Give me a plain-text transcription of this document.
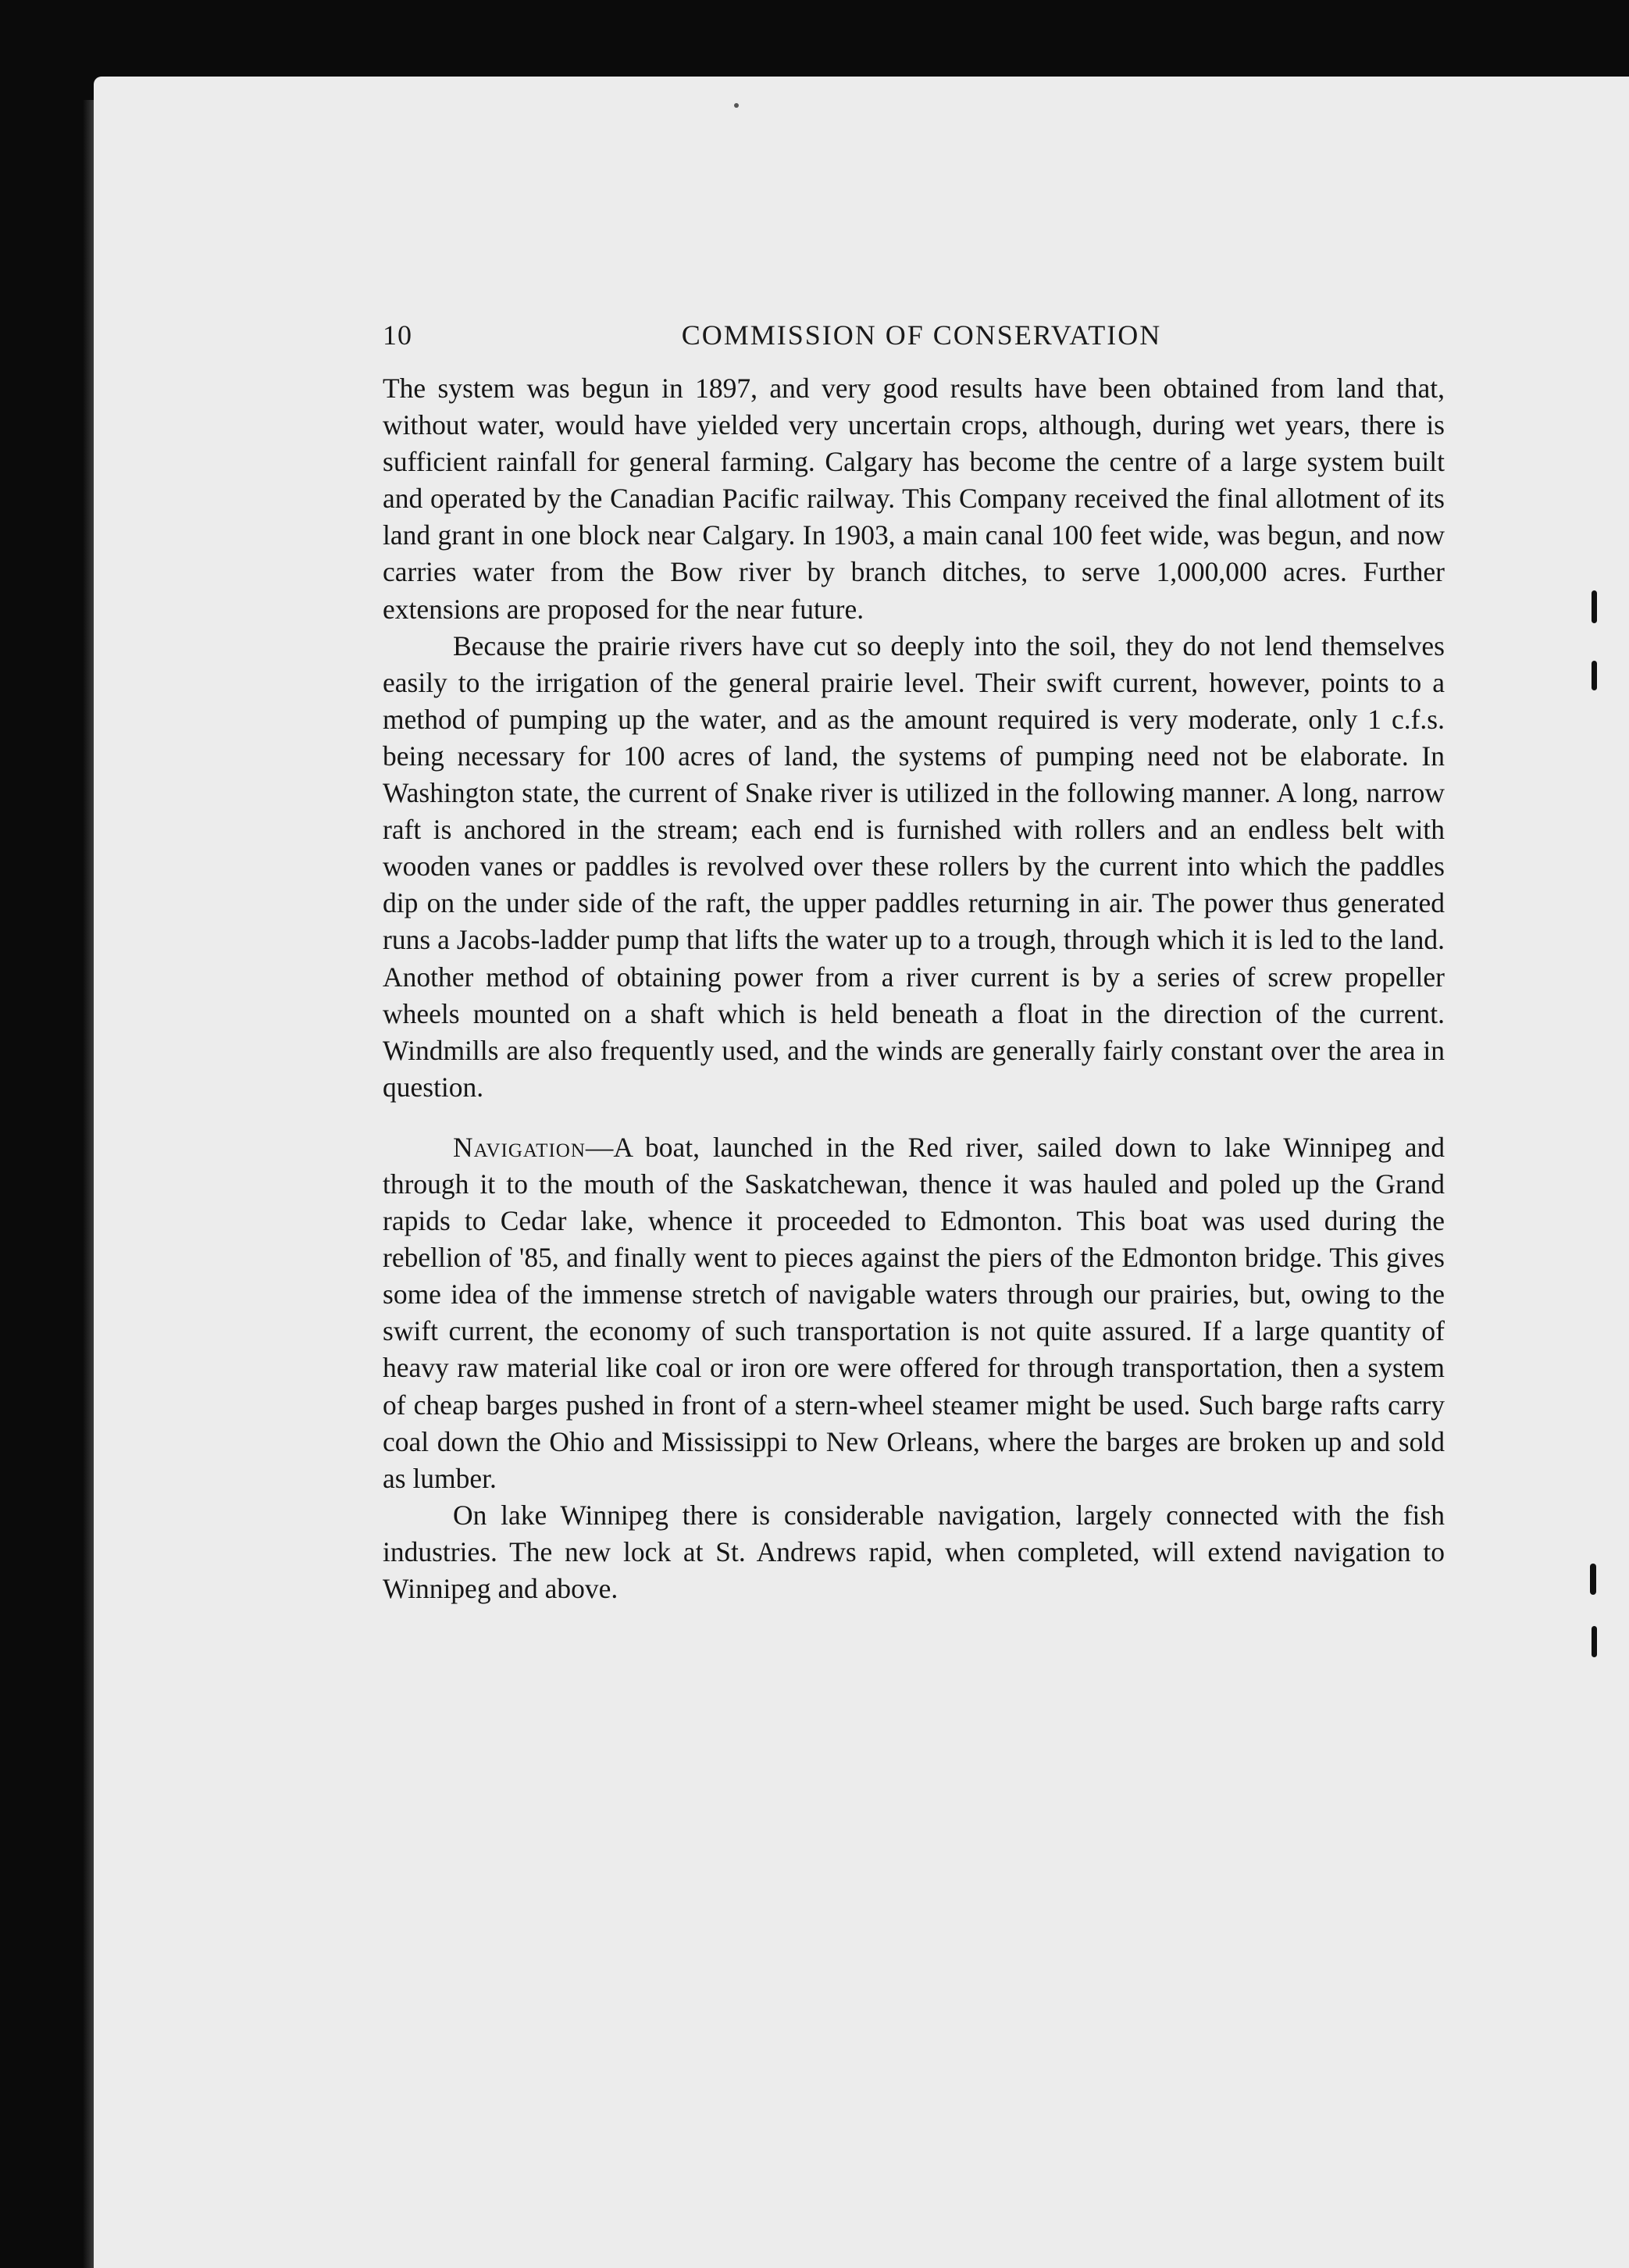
10	COMMISSION OF CONSERVATION

The system was begun in 1897, and very good results have been obtained from land that, without water, would have yielded very uncertain crops, although, during wet years, there is sufficient rainfall for general farming. Calgary has become the centre of a large system built and operated by the Canadian Pacific railway. This Company received the final allotment of its land grant in one block near Calgary. In 1903, a main canal 100 feet wide, was begun, and now carries water from the Bow river by branch ditches, to serve 1,000,000 acres. Further extensions are proposed for the near future.

Because the prairie rivers have cut so deeply into the soil, they do not lend themselves easily to the irrigation of the general prairie level. Their swift current, however, points to a method of pumping up the water, and as the amount required is very moderate, only 1 c.f.s. being necessary for 100 acres of land, the systems of pumping need not be elaborate. In Washington state, the current of Snake river is utilized in the following manner. A long, narrow raft is anchored in the stream; each end is furnished with rollers and an endless belt with wooden vanes or paddles is revolved over these rollers by the current into which the paddles dip on the under side of the raft, the upper paddles returning in air. The power thus generated runs a Jacobs-ladder pump that lifts the water up to a trough, through which it is led to the land. Another method of obtaining power from a river current is by a series of screw propeller wheels mounted on a shaft which is held beneath a float in the direction of the current. Windmills are also frequently used, and the winds are generally fairly constant over the area in question.

Navigation—A boat, launched in the Red river, sailed down to lake Winnipeg and through it to the mouth of the Saskatchewan, thence it was hauled and poled up the Grand rapids to Cedar lake, whence it proceeded to Edmonton. This boat was used during the rebellion of '85, and finally went to pieces against the piers of the Edmonton bridge. This gives some idea of the immense stretch of navigable waters through our prairies, but, owing to the swift current, the economy of such transportation is not quite assured. If a large quantity of heavy raw material like coal or iron ore were offered for through transportation, then a system of cheap barges pushed in front of a stern-wheel steamer might be used. Such barge rafts carry coal down the Ohio and Mississippi to New Orleans, where the barges are broken up and sold as lumber.

On lake Winnipeg there is considerable navigation, largely connected with the fish industries. The new lock at St. Andrews rapid, when completed, will extend navigation to Winnipeg and above.
